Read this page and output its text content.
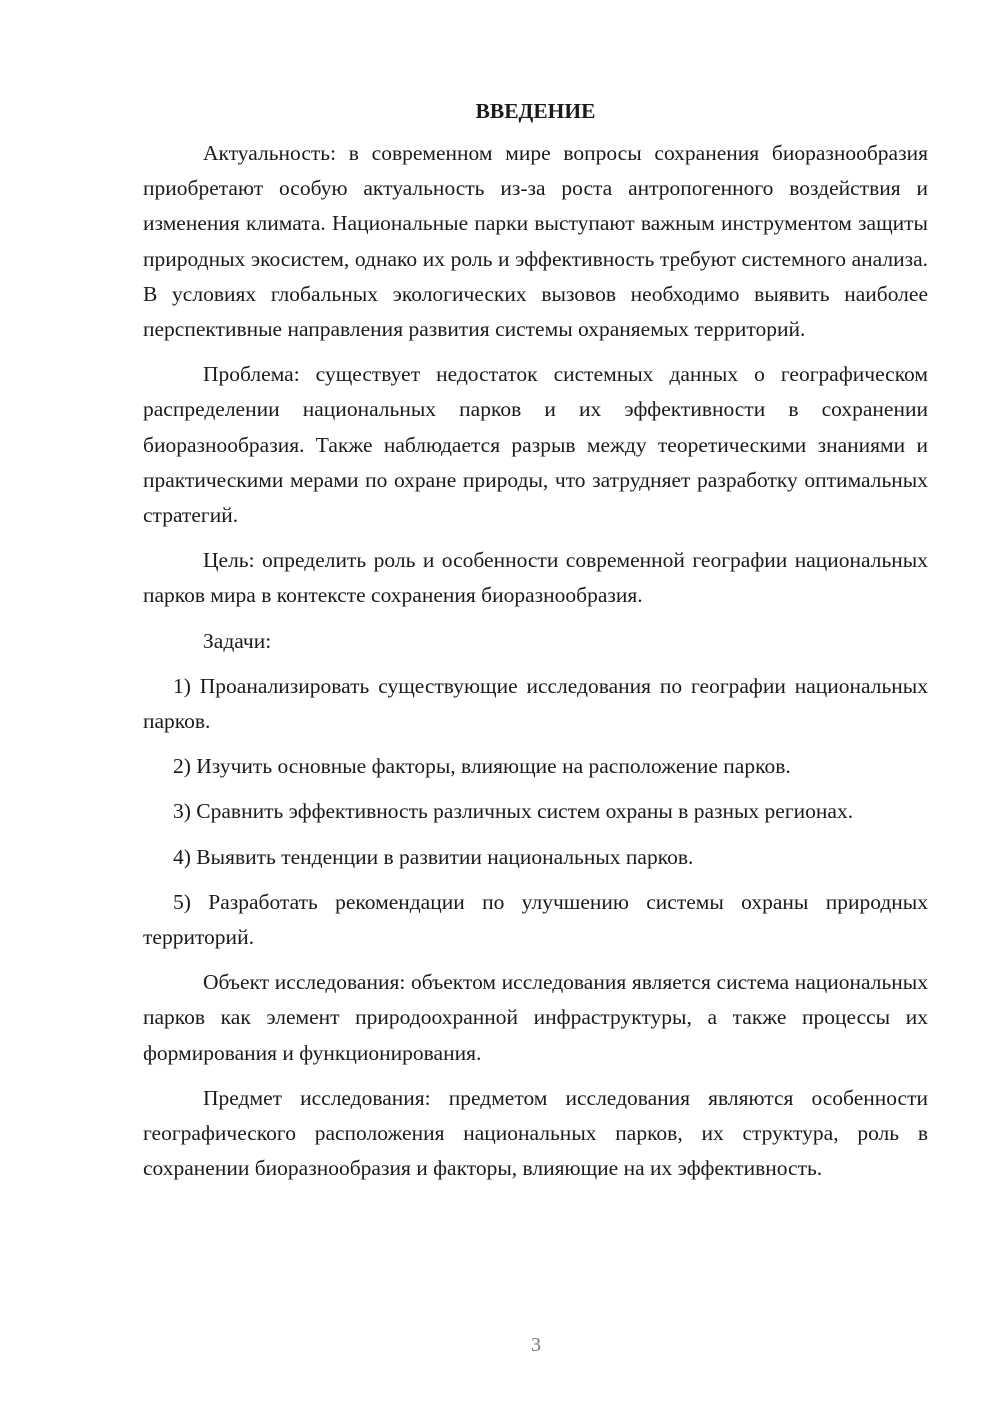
ВВЕДЕНИЕ

Актуальность: в современном мире вопросы сохранения биоразнообразия приобретают особую актуальность из-за роста антропогенного воздействия и изменения климата. Национальные парки выступают важным инструментом защиты природных экосистем, однако их роль и эффективность требуют системного анализа. В условиях глобальных экологических вызовов необходимо выявить наиболее перспективные направления развития системы охраняемых территорий.

Проблема: существует недостаток системных данных о географическом распределении национальных парков и их эффективности в сохранении биоразнообразия. Также наблюдается разрыв между теоретическими знаниями и практическими мерами по охране природы, что затрудняет разработку оптимальных стратегий.

Цель: определить роль и особенности современной географии национальных парков мира в контексте сохранения биоразнообразия.

Задачи:

1) Проанализировать существующие исследования по географии национальных парков.

2) Изучить основные факторы, влияющие на расположение парков.

3) Сравнить эффективность различных систем охраны в разных регионах.

4) Выявить тенденции в развитии национальных парков.

5) Разработать рекомендации по улучшению системы охраны природных территорий.

Объект исследования: объектом исследования является система национальных парков как элемент природоохранной инфраструктуры, а также процессы их формирования и функционирования.

Предмет исследования: предметом исследования являются особенности географического расположения национальных парков, их структура, роль в сохранении биоразнообразия и факторы, влияющие на их эффективность.

3
